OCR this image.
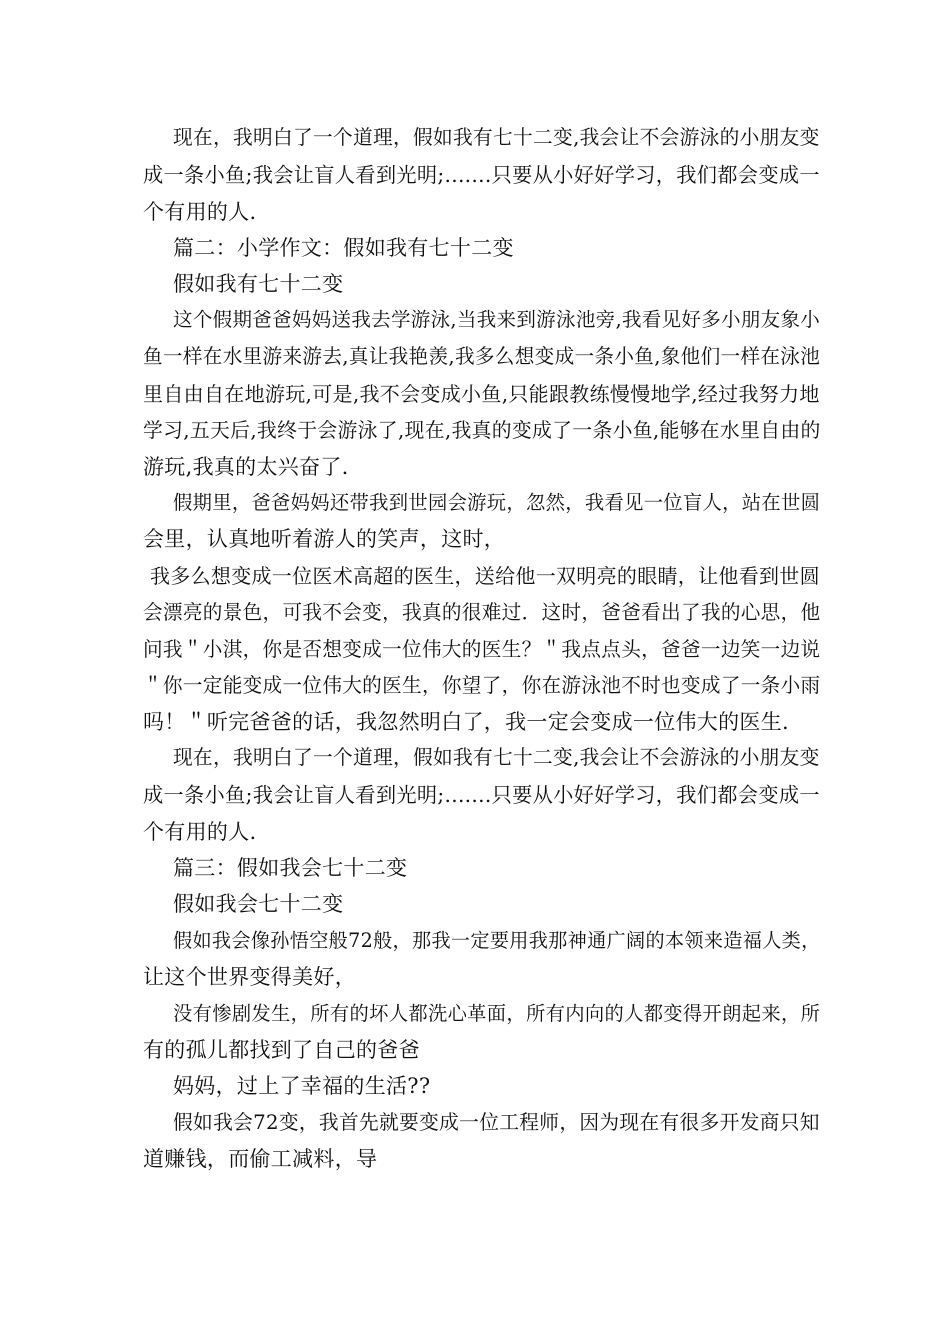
现在，我明白了一个道理，假如我有七十二变,我会让不会游泳的小朋友变
成一条小鱼;我会让盲人看到光明;.......只要从小好好学习，我们都会变成一
个有用的人.
篇二：小学作文：假如我有七十二变
假如我有七十二变
这个假期爸爸妈妈送我去学游泳,当我来到游泳池旁,我看见好多小朋友象小
鱼一样在水里游来游去,真让我艳羡,我多么想变成一条小鱼,象他们一样在泳池
里自由自在地游玩,可是,我不会变成小鱼,只能跟教练慢慢地学,经过我努力地
学习,五天后,我终于会游泳了,现在,我真的变成了一条小鱼,能够在水里自由的
游玩,我真的太兴奋了.
假期里，爸爸妈妈还带我到世园会游玩，忽然，我看见一位盲人，站在世圆
会里，认真地听着游人的笑声，这时，
我多么想变成一位医术高超的医生，送给他一双明亮的眼睛，让他看到世圆
会漂亮的景色，可我不会变，我真的很难过．这时，爸爸看出了我的心思，他
问我＂小淇，你是否想变成一位伟大的医生？＂我点点头，爸爸一边笑一边说
＂你一定能变成一位伟大的医生，你望了，你在游泳池不时也变成了一条小雨
吗！＂听完爸爸的话，我忽然明白了，我一定会变成一位伟大的医生.
现在，我明白了一个道理，假如我有七十二变,我会让不会游泳的小朋友变
成一条小鱼;我会让盲人看到光明;.......只要从小好好学习，我们都会变成一
个有用的人.
篇三：假如我会七十二变
假如我会七十二变
假如我会像孙悟空般72般，那我一定要用我那神通广阔的本领来造福人类，
让这个世界变得美好，
没有惨剧发生，所有的坏人都洗心革面，所有内向的人都变得开朗起来，所
有的孤儿都找到了自己的爸爸
妈妈，过上了幸福的生活??
假如我会72变，我首先就要变成一位工程师，因为现在有很多开发商只知
道赚钱，而偷工减料，导
